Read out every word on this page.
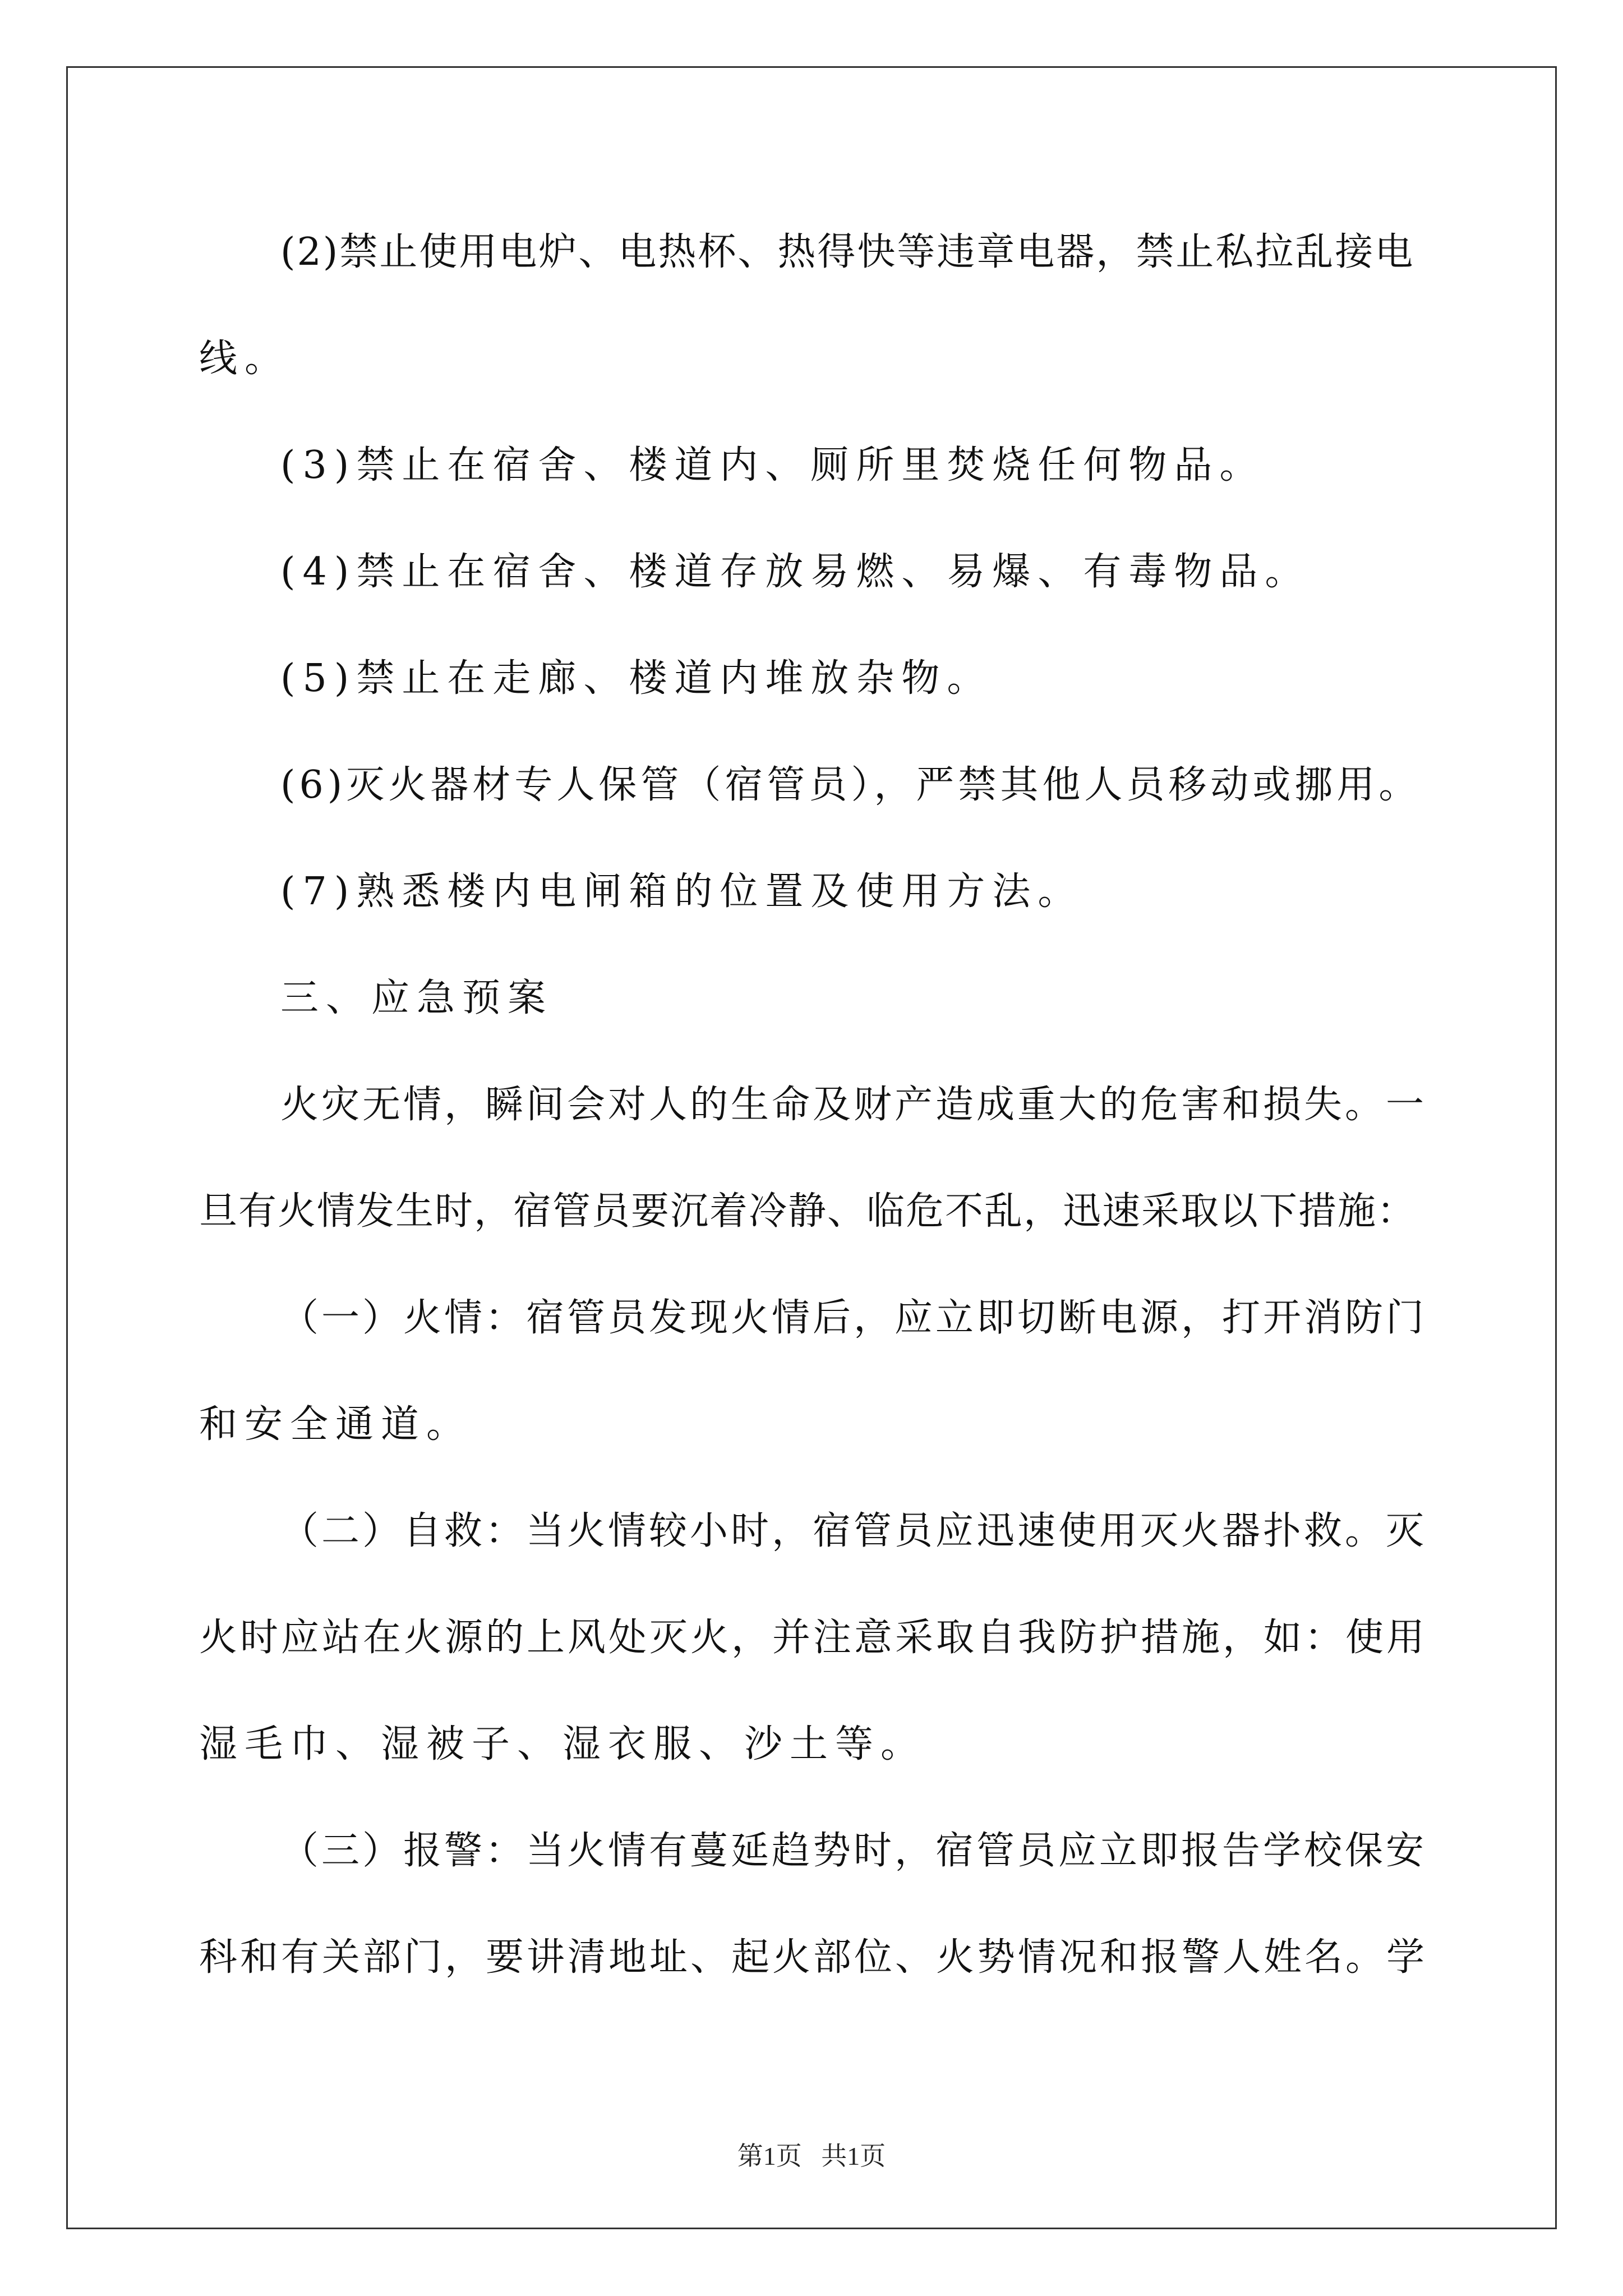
(2)禁止使用电炉、电热杯、热得快等违章电器，禁止私拉乱接电
线。
(3)禁止在宿舍、楼道内、厕所里焚烧任何物品。
(4)禁止在宿舍、楼道存放易燃、易爆、有毒物品。
(5)禁止在走廊、楼道内堆放杂物。
(6)灭火器材专人保管（宿管员），严禁其他人员移动或挪用。
(7)熟悉楼内电闸箱的位置及使用方法。
三、应急预案
火灾无情，瞬间会对人的生命及财产造成重大的危害和损失。一
旦有火情发生时，宿管员要沉着冷静、临危不乱，迅速采取以下措施：
（一）火情：宿管员发现火情后，应立即切断电源，打开消防门
和安全通道。
（二）自救：当火情较小时，宿管员应迅速使用灭火器扑救。灭
火时应站在火源的上风处灭火，并注意采取自我防护措施，如：使用
湿毛巾、湿被子、湿衣服、沙土等。
（三）报警：当火情有蔓延趋势时，宿管员应立即报告学校保安
科和有关部门，要讲清地址、起火部位、火势情况和报警人姓名。学
第1页   共1页
